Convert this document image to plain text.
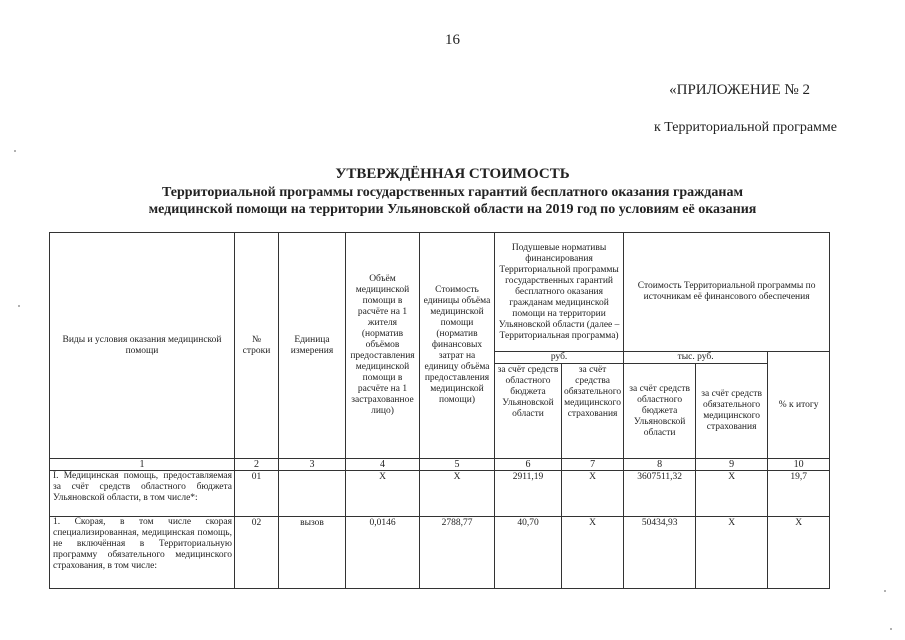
16
«ПРИЛОЖЕНИЕ № 2
к Территориальной программе
УТВЕРЖДЁННАЯ СТОИМОСТЬ
Территориальной программы государственных гарантий бесплатного оказания гражданам
медицинской помощи на территории Ульяновской области на 2019 год по условиям её оказания
Виды и условия оказания медицинской помощи	№ строки	Единица измерения	Объём медицинской помощи в расчёте на 1 жителя (норматив объёмов предоставления медицинской помощи в расчёте на 1 застрахованное лицо)	Стоимость единицы объёма медицинской помощи (норматив финансовых затрат на единицу объёма предоставления медицинской помощи)	Подушевые нормативы финансирования Территориальной программы государственных гарантий бесплатного оказания гражданам медицинской помощи на территории Ульяновской области (далее – Территориальная программа)		Стоимость Территориальной программы по источникам её финансового обеспечения		
					руб.		тыс. руб.		% к итогу
					за счёт средств областного бюджета Ульяновской области	за счёт средства обязательного медицинского страхования	за счёт средств областного бюджета Ульяновской области	за счёт средств обязательного медицинского страхования	
1	2	3	4	5	6	7	8	9	10
I. Медицинская помощь, предоставляемая за счёт средств областного бюджета Ульяновской области, в том числе*:	01		Х	Х	2911,19	Х	3607511,32	Х	19,7
1. Скорая, в том числе скорая специализированная, медицинская помощь, не включённая в Территориальную программу обязательного медицинского страхования, в том числе:	02	вызов	0,0146	2788,77	40,70	Х	50434,93	Х	Х
